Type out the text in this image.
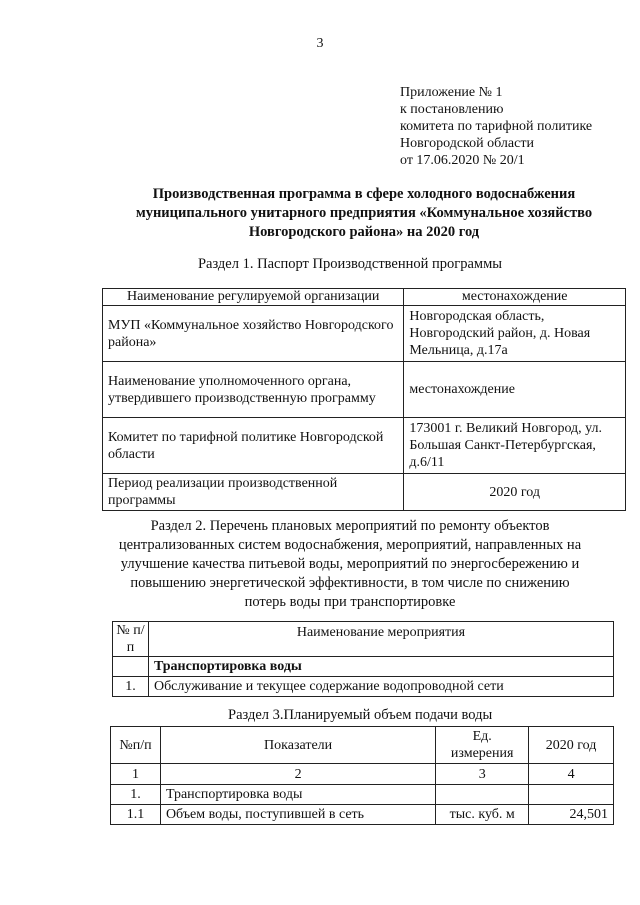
3
Приложение № 1
к постановлению
комитета по тарифной политике
Новгородской области
от 17.06.2020 № 20/1
Производственная программа в сфере холодного водоснабжения
муниципального унитарного предприятия «Коммунальное хозяйство
Новгородского района» на 2020 год
Раздел 1. Паспорт Производственной программы
Наименование регулируемой организации	местонахождение
МУП «Коммунальное хозяйство Новгородского района»	Новгородская область, Новгородский район, д. Новая Мельница, д.17а
Наименование уполномоченного органа, утвердившего производственную программу	местонахождение
Комитет по тарифной политике Новгородской области	173001 г. Великий Новгород, ул. Большая Санкт-Петербургская, д.6/11
Период реализации производственной программы	2020 год
Раздел 2. Перечень плановых мероприятий по ремонту объектов
централизованных систем водоснабжения, мероприятий, направленных на
улучшение качества питьевой воды, мероприятий по энергосбережению и
повышению энергетической эффективности, в том числе по снижению
потерь воды при транспортировке
№ п/п	Наименование мероприятия
	Транспортировка воды
1.	Обслуживание и текущее содержание водопроводной сети
Раздел 3.Планируемый объем подачи воды
№п/п	Показатели	Ед. измерения	2020 год
1	2	3	4
1.	Транспортировка воды		
1.1	Объем воды, поступившей в сеть	тыс. куб. м	24,501
